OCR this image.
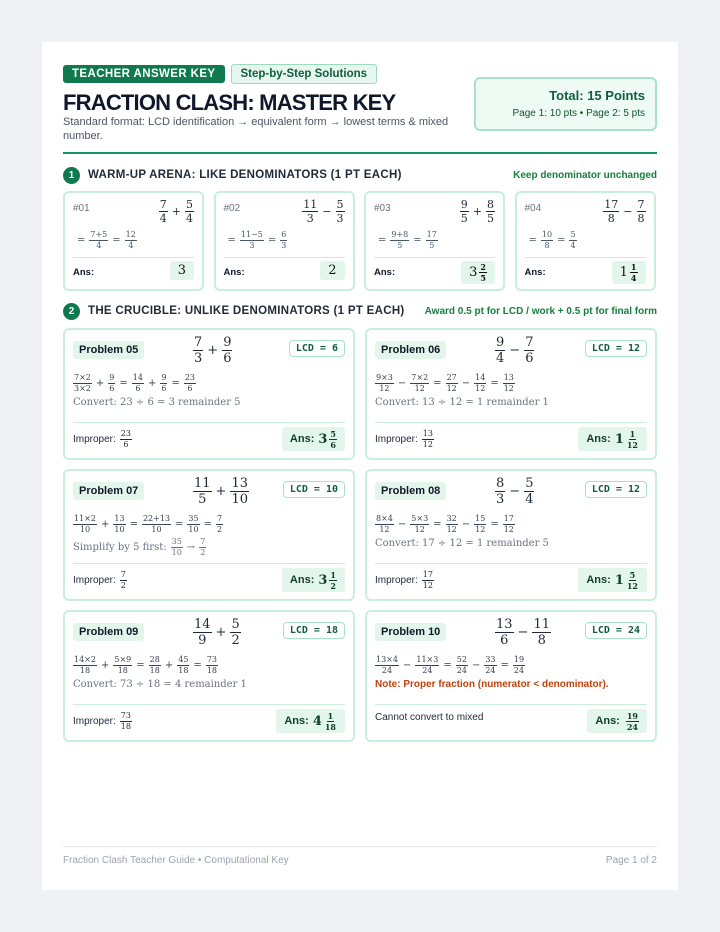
TEACHER ANSWER KEY Step-by-Step Solutions
FRACTION CLASH: MASTER KEY
Standard format: LCD identification → equivalent form → lowest terms & mixed number.
Total: 15 Points
Page 1: 10 pts • Page 2: 5 pts
1	WARM-UP ARENA: LIKE DENOMINATORS (1 PT EACH)	Keep denominator unchanged
#01	$\frac{7}{4} + \frac{5}{4}$
= $\frac{7+5}{4} = \frac{12}{4}$
Ans:	3
#02	$\frac{11}{3} - \frac{5}{3}$
= $\frac{11-5}{3} = \frac{6}{3}$
Ans:	2
#03	$\frac{9}{5} + \frac{8}{5}$
= $\frac{9+8}{5} = \frac{17}{5}$
Ans:	$3 \frac{2}{5}$
#04	$\frac{17}{8} - \frac{7}{8}$
= $\frac{10}{8} = \frac{5}{4}$
Ans:	$1 \frac{1}{4}$
2	THE CRUCIBLE: UNLIKE DENOMINATORS (1 PT EACH) Award 0.5 pt for LCD / work + 0.5 pt for final form
Problem 05	$\frac{7}{3} + \frac{9}{6}$	LCD = 6
$\frac{7\times 2}{3\times 2} + \frac{9}{6} = \frac{14}{6} + \frac{9}{6} = \frac{23}{6}$
Convert: 23 ÷ 6 = 3 remainder 5
Improper: $\frac{23}{6}$	Ans: $3 \frac{5}{6}$
Problem 06	$\frac{9}{4} - \frac{7}{6}$	LCD = 12
$\frac{9\times 3}{12} - \frac{7\times 2}{12} = \frac{27}{12} - \frac{14}{12} = \frac{13}{12}$
Convert: 13 ÷ 12 = 1 remainder 1
Improper: $\frac{13}{12}$	Ans: $1 \frac{1}{12}$
Problem 07	$\frac{11}{5} + \frac{13}{10}$	LCD = 10
$\frac{11\times 2}{10} + \frac{13}{10} = \frac{22+13}{10} = \frac{35}{10} = \frac{7}{2}$
Simplify by 5 first: $\frac{35}{10} \to \frac{7}{2}$
Improper: $\frac{7}{2}$	Ans: $3 \frac{1}{2}$
Problem 08	$\frac{8}{3} - \frac{5}{4}$	LCD = 12
$\frac{8\times 4}{12} - \frac{5\times 3}{12} = \frac{32}{12} - \frac{15}{12} = \frac{17}{12}$
Convert: 17 ÷ 12 = 1 remainder 5
Improper: $\frac{17}{12}$	Ans: $1 \frac{5}{12}$
Problem 09	$\frac{14}{9} + \frac{5}{2}$	LCD = 18
$\frac{14\times 2}{18} + \frac{5\times 9}{18} = \frac{28}{18} + \frac{45}{18} = \frac{73}{18}$
Convert: 73 ÷ 18 = 4 remainder 1
Improper: $\frac{73}{18}$	Ans: $4 \frac{1}{18}$
Problem 10	$\frac{13}{6} - \frac{11}{8}$	LCD = 24
$\frac{13\times 4}{24} - \frac{11\times 3}{24} = \frac{52}{24} - \frac{33}{24} = \frac{19}{24}$
Note: Proper fraction (numerator < denominator).
Cannot convert to mixed	Ans: $\frac{19}{24}$
Fraction Clash Teacher Guide • Computational Key	Page 1 of 2
